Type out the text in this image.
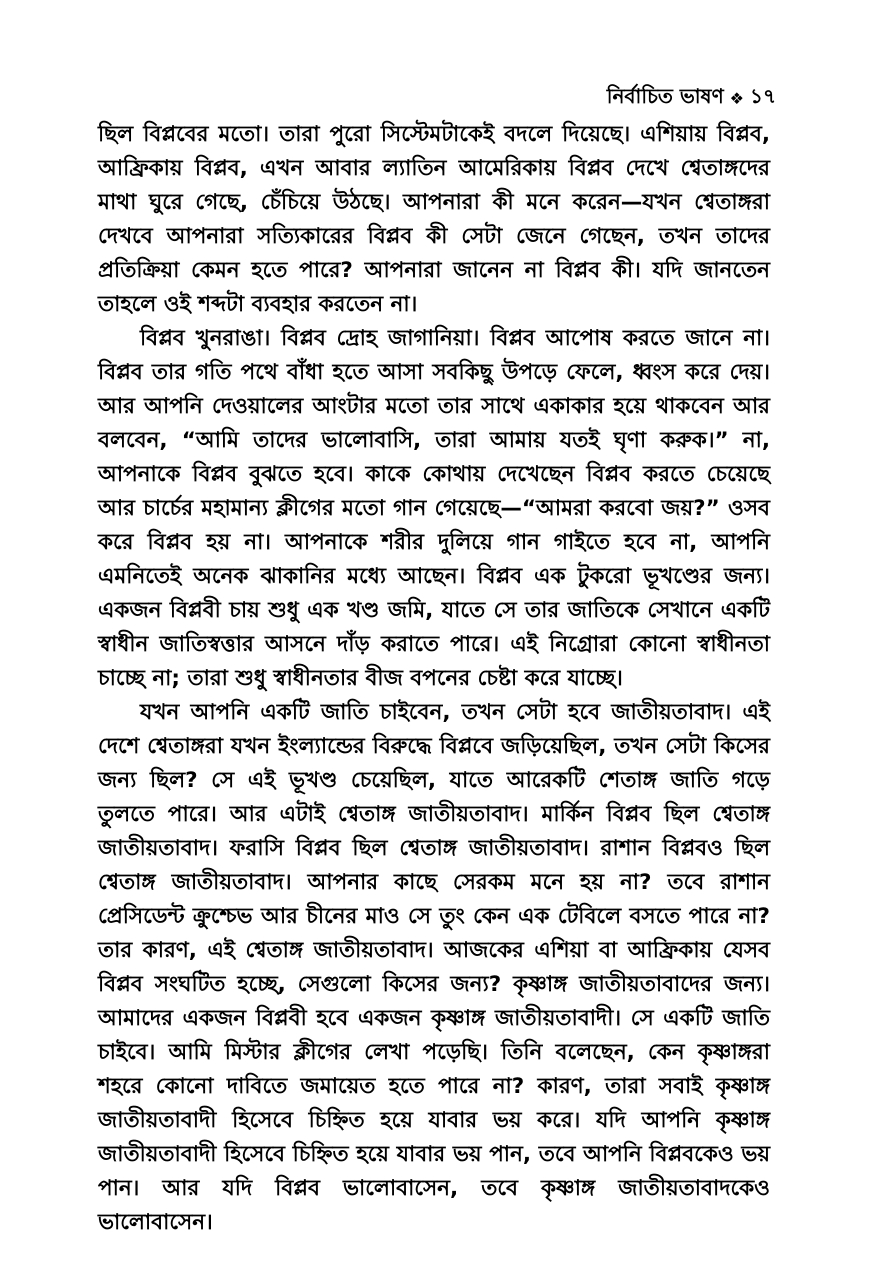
নির্বাচিত ভাষণ ❖ ১৭

ছিল বিপ্লবের মতো। তারা পুরো সিস্টেমটাকেই বদলে দিয়েছে। এশিয়ায় বিপ্লব, আফ্রিকায় বিপ্লব, এখন আবার ল্যাতিন আমেরিকায় বিপ্লব দেখে শ্বেতাঙ্গদের মাথা ঘুরে গেছে, চেঁচিয়ে উঠছে। আপনারা কী মনে করেন—যখন শ্বেতাঙ্গরা দেখবে আপনারা সত্যিকারের বিপ্লব কী সেটা জেনে গেছেন, তখন তাদের প্রতিক্রিয়া কেমন হতে পারে? আপনারা জানেন না বিপ্লব কী। যদি জানতেন তাহলে ওই শব্দটা ব্যবহার করতেন না।

বিপ্লব খুনরাঙা। বিপ্লব দ্রোহ জাগানিয়া। বিপ্লব আপোষ করতে জানে না। বিপ্লব তার গতি পথে বাঁধা হতে আসা সবকিছু উপড়ে ফেলে, ধ্বংস করে দেয়। আর আপনি দেওয়ালের আংটার মতো তার সাথে একাকার হয়ে থাকবেন আর বলবেন, “আমি তাদের ভালোবাসি, তারা আমায় যতই ঘৃণা করুক।” না, আপনাকে বিপ্লব বুঝতে হবে। কাকে কোথায় দেখেছেন বিপ্লব করতে চেয়েছে আর চার্চের মহামান্য ক্লীগের মতো গান গেয়েছে—“আমরা করবো জয়?” ওসব করে বিপ্লব হয় না। আপনাকে শরীর দুলিয়ে গান গাইতে হবে না, আপনি এমনিতেই অনেক ঝাকানির মধ্যে আছেন। বিপ্লব এক টুকরো ভূখণ্ডের জন্য। একজন বিপ্লবী চায় শুধু এক খণ্ড জমি, যাতে সে তার জাতিকে সেখানে একটি স্বাধীন জাতিস্বত্তার আসনে দাঁড় করাতে পারে। এই নিগ্রোরা কোনো স্বাধীনতা চাচ্ছে না; তারা শুধু স্বাধীনতার বীজ বপনের চেষ্টা করে যাচ্ছে।

যখন আপনি একটি জাতি চাইবেন, তখন সেটা হবে জাতীয়তাবাদ। এই দেশে শ্বেতাঙ্গরা যখন ইংল্যান্ডের বিরুদ্ধে বিপ্লবে জড়িয়েছিল, তখন সেটা কিসের জন্য ছিল? সে এই ভূখণ্ড চেয়েছিল, যাতে আরেকটি শেতাঙ্গ জাতি গড়ে তুলতে পারে। আর এটাই শ্বেতাঙ্গ জাতীয়তাবাদ। মার্কিন বিপ্লব ছিল শ্বেতাঙ্গ জাতীয়তাবাদ। ফরাসি বিপ্লব ছিল শ্বেতাঙ্গ জাতীয়তাবাদ। রাশান বিপ্লবও ছিল শ্বেতাঙ্গ জাতীয়তাবাদ। আপনার কাছে সেরকম মনে হয় না? তবে রাশান প্রেসিডেন্ট ক্রুশ্চেভ আর চীনের মাও সে তুং কেন এক টেবিলে বসতে পারে না? তার কারণ, এই শ্বেতাঙ্গ জাতীয়তাবাদ। আজকের এশিয়া বা আফ্রিকায় যেসব বিপ্লব সংঘটিত হচ্ছে, সেগুলো কিসের জন্য? কৃষ্ণাঙ্গ জাতীয়তাবাদের জন্য। আমাদের একজন বিপ্লবী হবে একজন কৃষ্ণাঙ্গ জাতীয়তাবাদী। সে একটি জাতি চাইবে। আমি মিস্টার ক্লীগের লেখা পড়েছি। তিনি বলেছেন, কেন কৃষ্ণাঙ্গরা শহরে কোনো দাবিতে জমায়েত হতে পারে না? কারণ, তারা সবাই কৃষ্ণাঙ্গ জাতীয়তাবাদী হিসেবে চিহ্নিত হয়ে যাবার ভয় করে। যদি আপনি কৃষ্ণাঙ্গ জাতীয়তাবাদী হিসেবে চিহ্নিত হয়ে যাবার ভয় পান, তবে আপনি বিপ্লবকেও ভয় পান। আর যদি বিপ্লব ভালোবাসেন, তবে কৃষ্ণাঙ্গ জাতীয়তাবাদকেও ভালোবাসেন।
